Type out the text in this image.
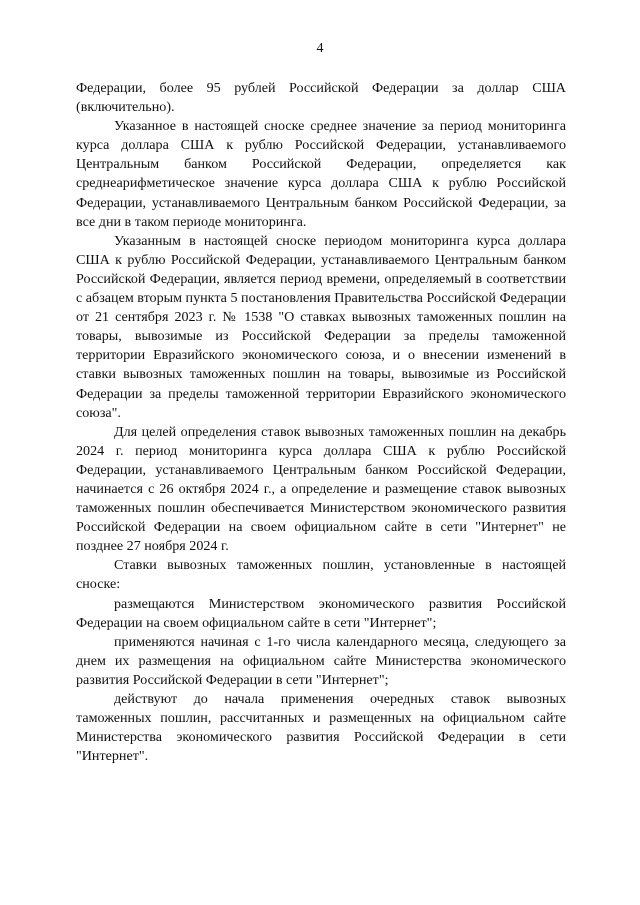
4

Федерации, более 95 рублей Российской Федерации за доллар США (включительно).

Указанное в настоящей сноске среднее значение за период мониторинга курса доллара США к рублю Российской Федерации, устанавливаемого Центральным банком Российской Федерации, определяется как среднеарифметическое значение курса доллара США к рублю Российской Федерации, устанавливаемого Центральным банком Российской Федерации, за все дни в таком периоде мониторинга.

Указанным в настоящей сноске периодом мониторинга курса доллара США к рублю Российской Федерации, устанавливаемого Центральным банком Российской Федерации, является период времени, определяемый в соответствии с абзацем вторым пункта 5 постановления Правительства Российской Федерации от 21 сентября 2023 г. № 1538 "О ставках вывозных таможенных пошлин на товары, вывозимые из Российской Федерации за пределы таможенной территории Евразийского экономического союза, и о внесении изменений в ставки вывозных таможенных пошлин на товары, вывозимые из Российской Федерации за пределы таможенной территории Евразийского экономического союза".

Для целей определения ставок вывозных таможенных пошлин на декабрь 2024 г. период мониторинга курса доллара США к рублю Российской Федерации, устанавливаемого Центральным банком Российской Федерации, начинается с 26 октября 2024 г., а определение и размещение ставок вывозных таможенных пошлин обеспечивается Министерством экономического развития Российской Федерации на своем официальном сайте в сети "Интернет" не позднее 27 ноября 2024 г.

Ставки вывозных таможенных пошлин, установленные в настоящей сноске:

размещаются Министерством экономического развития Российской Федерации на своем официальном сайте в сети "Интернет";

применяются начиная с 1-го числа календарного месяца, следующего за днем их размещения на официальном сайте Министерства экономического развития Российской Федерации в сети "Интернет";

действуют до начала применения очередных ставок вывозных таможенных пошлин, рассчитанных и размещенных на официальном сайте Министерства экономического развития Российской Федерации в сети "Интернет".
